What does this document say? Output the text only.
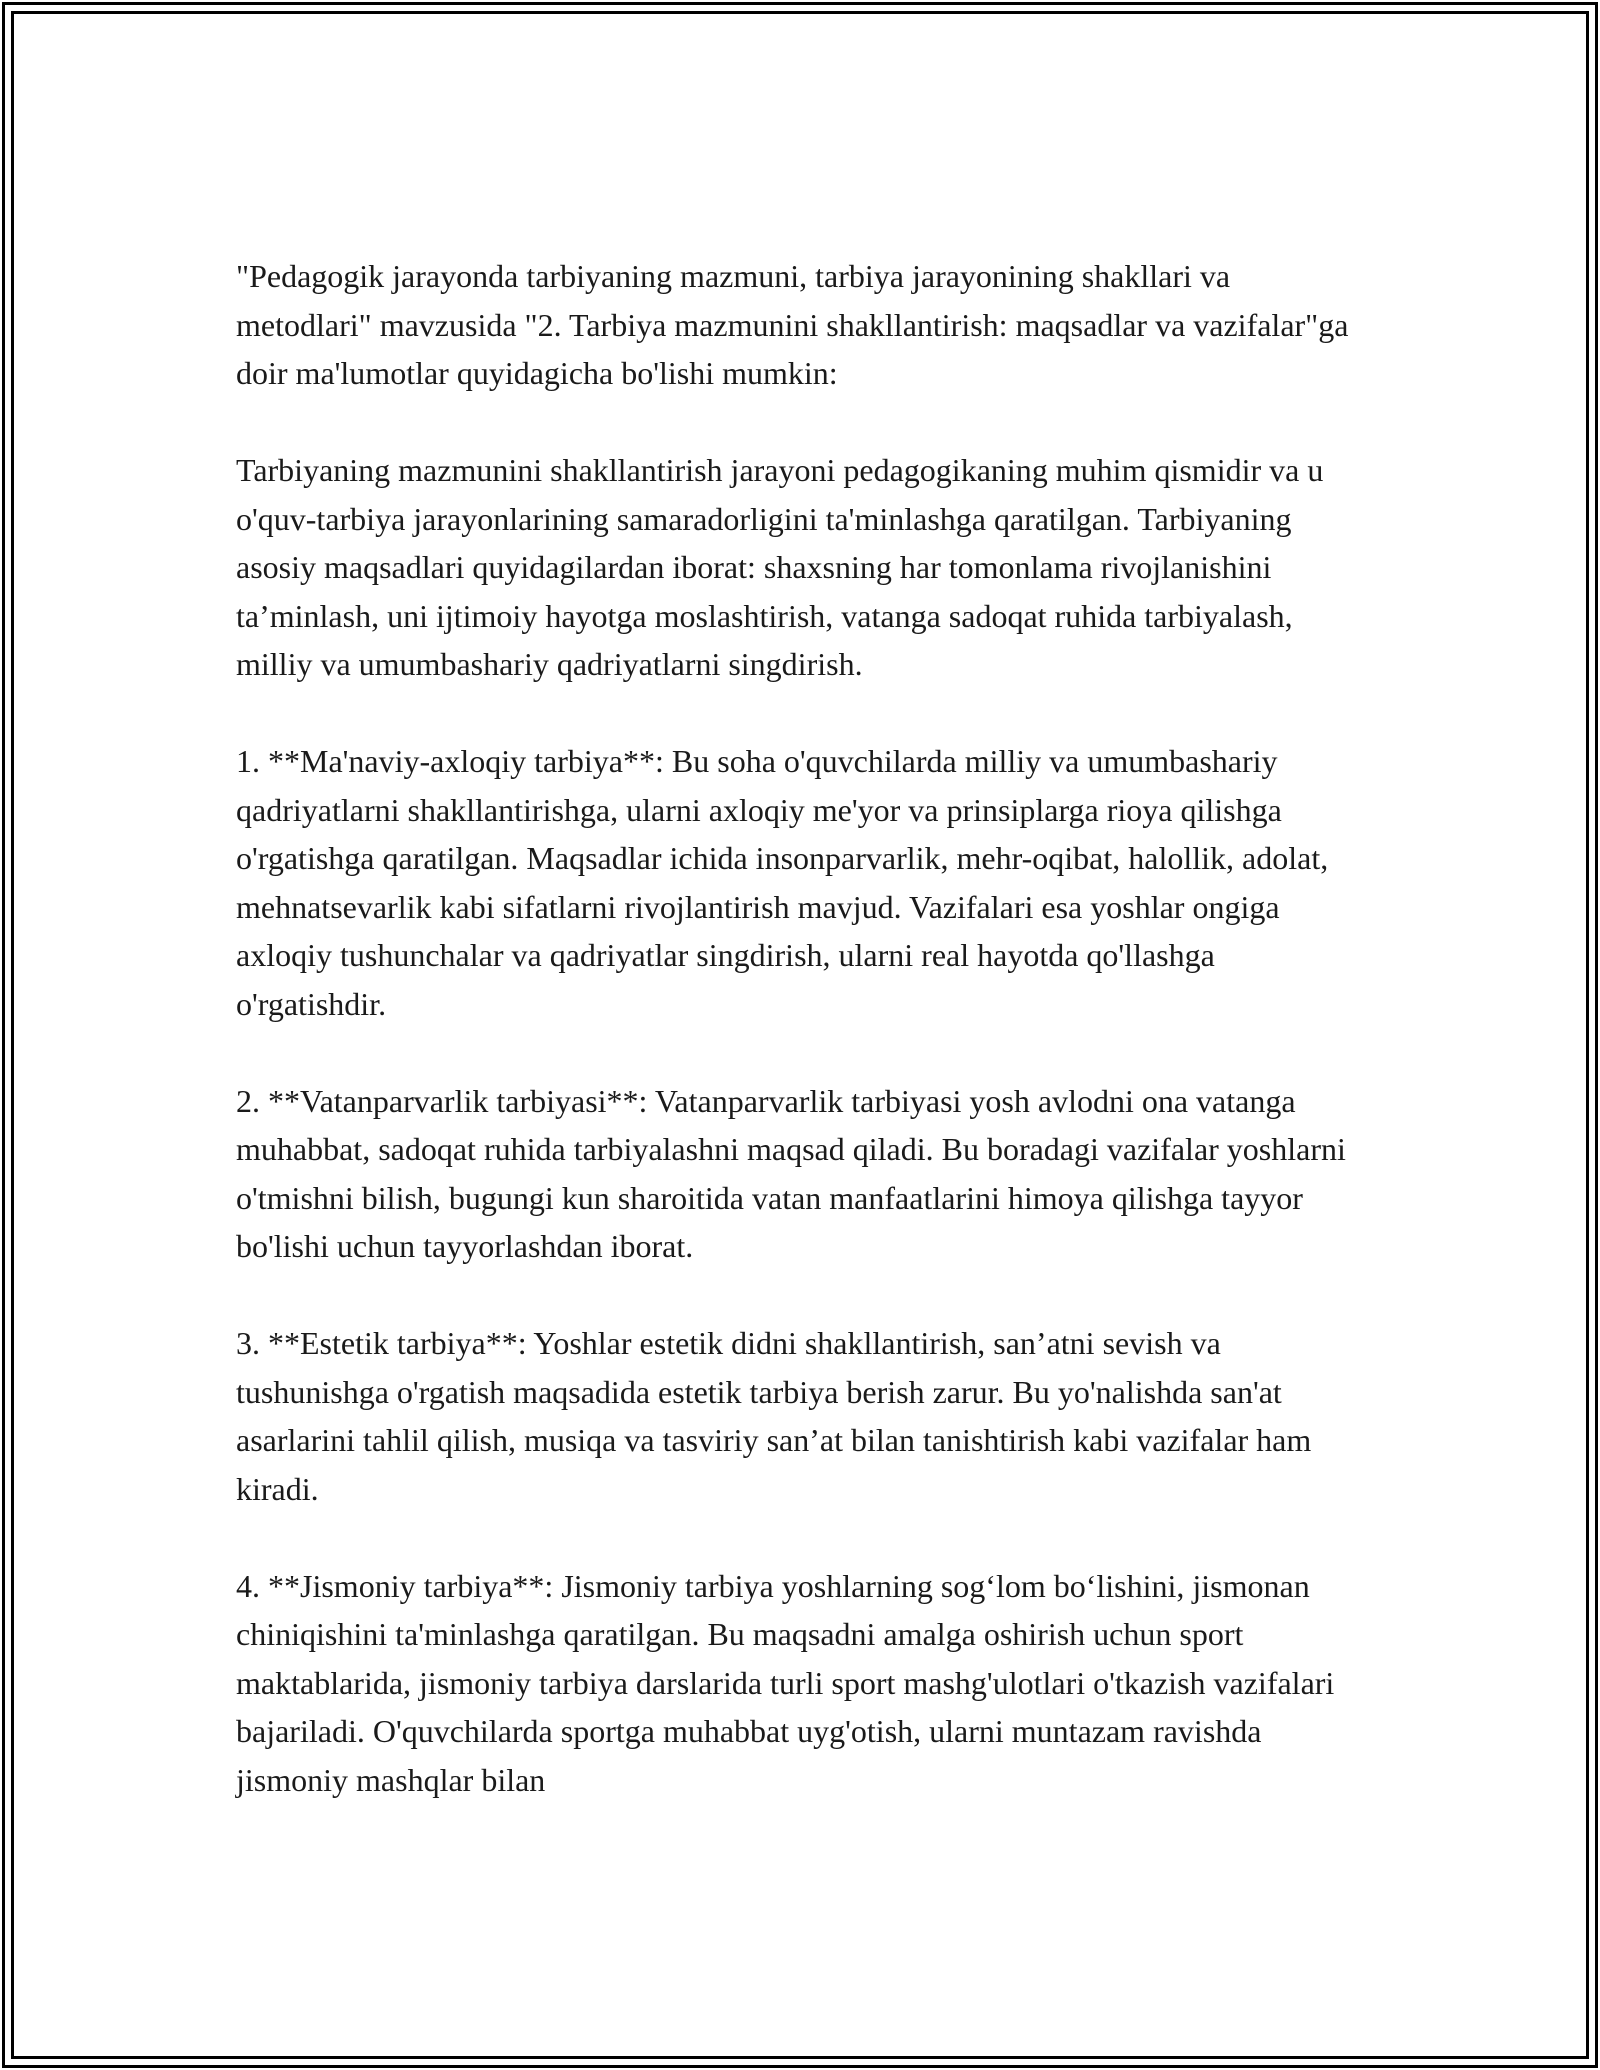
"Pedagogik jarayonda tarbiyaning mazmuni, tarbiya jarayonining shakllari va metodlari" mavzusida "2. Tarbiya mazmunini shakllantirish: maqsadlar va vazifalar"ga doir ma'lumotlar quyidagicha bo'lishi mumkin:

Tarbiyaning mazmunini shakllantirish jarayoni pedagogikaning muhim qismidir va u o'quv-tarbiya jarayonlarining samaradorligini ta'minlashga qaratilgan. Tarbiyaning asosiy maqsadlari quyidagilardan iborat: shaxsning har tomonlama rivojlanishini ta’minlash, uni ijtimoiy hayotga moslashtirish, vatanga sadoqat ruhida tarbiyalash, milliy va umumbashariy qadriyatlarni singdirish.

1. **Ma'naviy-axloqiy tarbiya**: Bu soha o'quvchilarda milliy va umumbashariy qadriyatlarni shakllantirishga, ularni axloqiy me'yor va prinsiplarga rioya qilishga o'rgatishga qaratilgan. Maqsadlar ichida insonparvarlik, mehr-oqibat, halollik, adolat, mehnatsevarlik kabi sifatlarni rivojlantirish mavjud. Vazifalari esa yoshlar ongiga axloqiy tushunchalar va qadriyatlar singdirish, ularni real hayotda qo'llashga o'rgatishdir.

2. **Vatanparvarlik tarbiyasi**: Vatanparvarlik tarbiyasi yosh avlodni ona vatanga muhabbat, sadoqat ruhida tarbiyalashni maqsad qiladi. Bu boradagi vazifalar yoshlarni o'tmishni bilish, bugungi kun sharoitida vatan manfaatlarini himoya qilishga tayyor bo'lishi uchun tayyorlashdan iborat.

3. **Estetik tarbiya**: Yoshlar estetik didni shakllantirish, san’atni sevish va tushunishga o'rgatish maqsadida estetik tarbiya berish zarur. Bu yo'nalishda san'at asarlarini tahlil qilish, musiqa va tasviriy san’at bilan tanishtirish kabi vazifalar ham kiradi.

4. **Jismoniy tarbiya**: Jismoniy tarbiya yoshlarning sog‘lom bo‘lishini, jismonan chiniqishini ta'minlashga qaratilgan. Bu maqsadni amalga oshirish uchun sport maktablarida, jismoniy tarbiya darslarida turli sport mashg'ulotlari o'tkazish vazifalari bajariladi. O'quvchilarda sportga muhabbat uyg'otish, ularni muntazam ravishda jismoniy mashqlar bilan
